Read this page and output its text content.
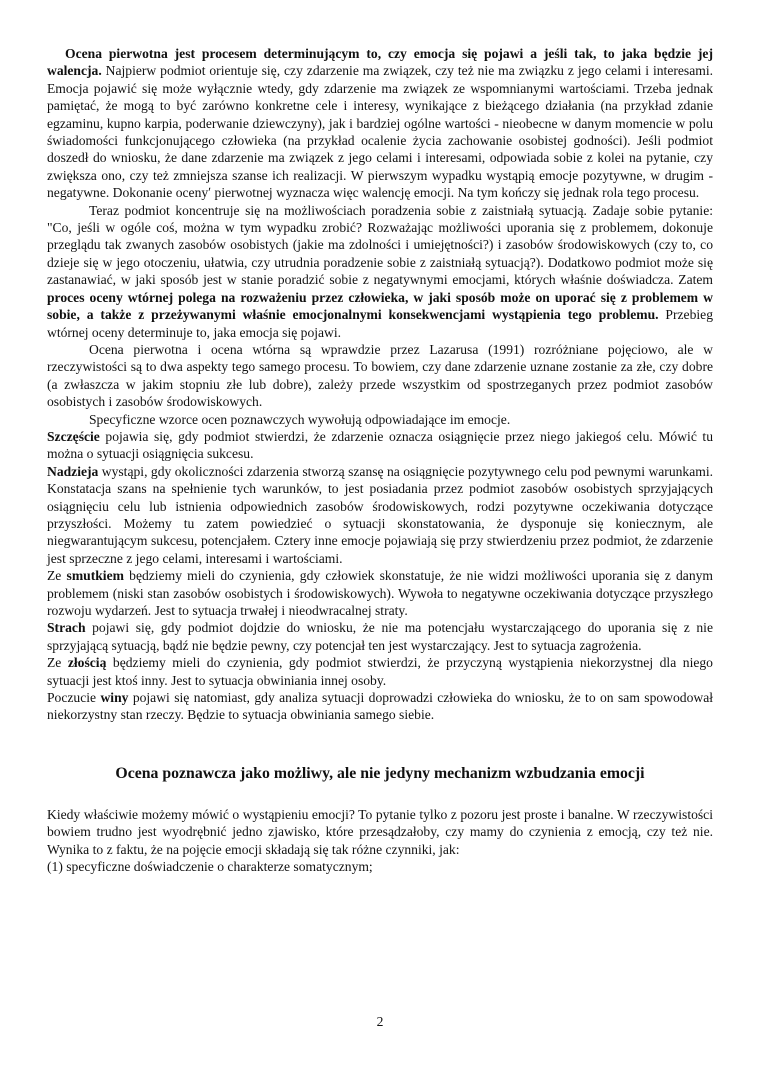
Ocena pierwotna jest procesem determinującym to, czy emocja się pojawi a jeśli tak, to jaka będzie jej walencja. Najpierw podmiot orientuje się, czy zdarzenie ma związek, czy też nie ma związku z jego celami i interesami. Emocja pojawić się może wyłącznie wtedy, gdy zdarzenie ma związek ze wspomnianymi wartościami. Trzeba jednak pamiętać, że mogą to być zarówno konkretne cele i interesy, wynikające z bieżącego działania (na przykład zdanie egzaminu, kupno karpia, poderwanie dziewczyny), jak i bardziej ogólne wartości - nieobecne w danym momencie w polu świadomości funkcjonującego człowieka (na przykład ocalenie życia zachowanie osobistej godności). Jeśli podmiot doszedł do wniosku, że dane zdarzenie ma związek z jego celami i interesami, odpowiada sobie z kolei na pytanie, czy zwiększa ono, czy też zmniejsza szanse ich realizacji. W pierwszym wypadku wystąpią emocje pozytywne, w drugim - negatywne. Dokonanie ocenyʹ pierwotnej wyznacza więc walencję emocji. Na tym kończy się jednak rola tego procesu.

Teraz podmiot koncentruje się na możliwościach poradzenia sobie z zaistniałą sytuacją. Zadaje sobie pytanie: "Co, jeśli w ogóle coś, można w tym wypadku zrobić? Rozważając możliwości uporania się z problemem, dokonuje przeglądu tak zwanych zasobów osobistych (jakie ma zdolności i umiejętności?) i zasobów środowiskowych (czy to, co dzieje się w jego otoczeniu, ułatwia, czy utrudnia poradzenie sobie z zaistniałą sytuacją?). Dodatkowo podmiot może się zastanawiać, w jaki sposób jest w stanie poradzić sobie z negatywnymi emocjami, których właśnie doświadcza. Zatem proces oceny wtórnej polega na rozważeniu przez człowieka, w jaki sposób może on uporać się z problemem w sobie, a także z przeżywanymi właśnie emocjonalnymi konsekwencjami wystąpienia tego problemu. Przebieg wtórnej oceny determinuje to, jaka emocja się pojawi.

Ocena pierwotna i ocena wtórna są wprawdzie przez Lazarusa (1991) rozróżniane pojęciowo, ale w rzeczywistości są to dwa aspekty tego samego procesu. To bowiem, czy dane zdarzenie uznane zostanie za złe, czy dobre (a zwłaszcza w jakim stopniu złe lub dobre), zależy przede wszystkim od spostrzeganych przez podmiot zasobów osobistych i zasobów środowiskowych.

Specyficzne wzorce ocen poznawczych wywołują odpowiadające im emocje.

Szczęście pojawia się, gdy podmiot stwierdzi, że zdarzenie oznacza osiągnięcie przez niego jakiegoś celu. Mówić tu można o sytuacji osiągnięcia sukcesu.

Nadzieja wystąpi, gdy okoliczności zdarzenia stworzą szansę na osiągnięcie pozytywnego celu pod pewnymi warunkami. Konstatacja szans na spełnienie tych warunków, to jest posiadania przez podmiot zasobów osobistych sprzyjających osiągnięciu celu lub istnienia odpowiednich zasobów środowiskowych, rodzi pozytywne oczekiwania dotyczące przyszłości. Możemy tu zatem powiedzieć o sytuacji skonstatowania, że dysponuje się koniecznym, ale niegwarantującym sukcesu, potencjałem. Cztery inne emocje pojawiają się przy stwierdzeniu przez podmiot, że zdarzenie jest sprzeczne z jego celami, interesami i wartościami.

Ze smutkiem będziemy mieli do czynienia, gdy człowiek skonstatuje, że nie widzi możliwości uporania się z danym problemem (niski stan zasobów osobistych i środowiskowych). Wywoła to negatywne oczekiwania dotyczące przyszłego rozwoju wydarzeń. Jest to sytuacja trwałej i nieodwracalnej straty.

Strach pojawi się, gdy podmiot dojdzie do wniosku, że nie ma potencjału wystarczającego do uporania się z nie sprzyjającą sytuacją, bądź nie będzie pewny, czy potencjał ten jest wystarczający. Jest to sytuacja zagrożenia.

Ze złością będziemy mieli do czynienia, gdy podmiot stwierdzi, że przyczyną wystąpienia niekorzystnej dla niego sytuacji jest ktoś inny. Jest to sytuacja obwiniania innej osoby.

Poczucie winy pojawi się natomiast, gdy analiza sytuacji doprowadzi człowieka do wniosku, że to on sam spowodował niekorzystny stan rzeczy. Będzie to sytuacja obwiniania samego siebie.

Ocena poznawcza jako możliwy, ale nie jedyny mechanizm wzbudzania emocji

Kiedy właściwie możemy mówić o wystąpieniu emocji? To pytanie tylko z pozoru jest proste i banalne. W rzeczywistości bowiem trudno jest wyodrębnić jedno zjawisko, które przesądzałoby, czy mamy do czynienia z emocją, czy też nie. Wynika to z faktu, że na pojęcie emocji składają się tak różne czynniki, jak:

(1) specyficzne doświadczenie o charakterze somatycznym;

2
